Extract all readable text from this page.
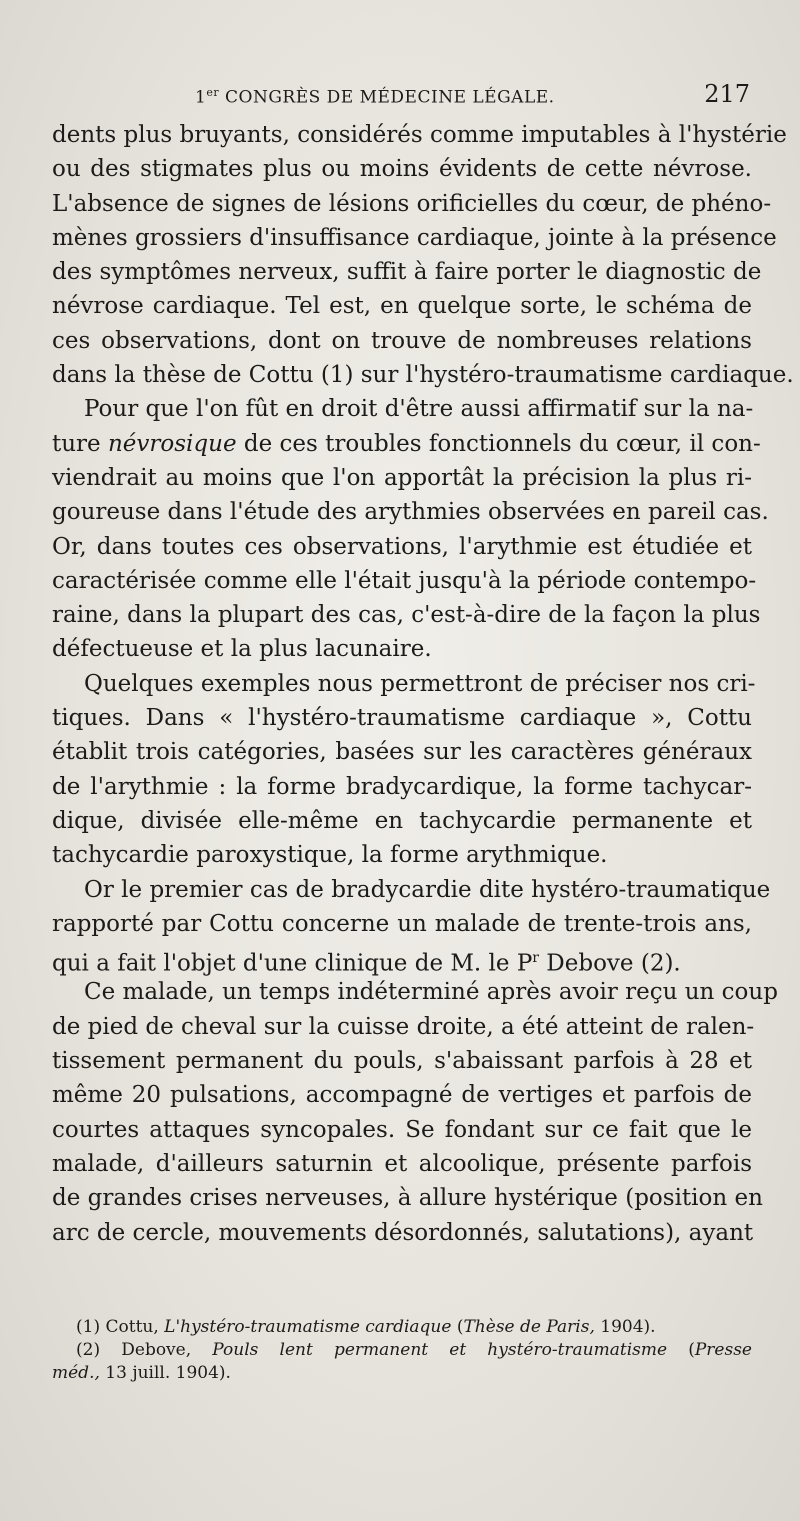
1er CONGRÈS DE MÉDECINE LÉGALE.	217
dents plus bruyants, considérés comme imputables à l'hystérie
ou des stigmates plus ou moins évidents de cette névrose.
L'absence de signes de lésions orificielles du cœur, de phéno-
mènes grossiers d'insuffisance cardiaque, jointe à la présence
des symptômes nerveux, suffit à faire porter le diagnostic de
névrose cardiaque. Tel est, en quelque sorte, le schéma de
ces observations, dont on trouve de nombreuses relations
dans la thèse de Cottu (1) sur l'hystéro-traumatisme cardiaque.
Pour que l'on fût en droit d'être aussi affirmatif sur la na-
ture névrosique de ces troubles fonctionnels du cœur, il con-
viendrait au moins que l'on apportât la précision la plus ri-
goureuse dans l'étude des arythmies observées en pareil cas.
Or, dans toutes ces observations, l'arythmie est étudiée et
caractérisée comme elle l'était jusqu'à la période contempo-
raine, dans la plupart des cas, c'est-à-dire de la façon la plus
défectueuse et la plus lacunaire.
Quelques exemples nous permettront de préciser nos cri-
tiques. Dans « l'hystéro-traumatisme cardiaque », Cottu
établit trois catégories, basées sur les caractères généraux
de l'arythmie : la forme bradycardique, la forme tachycar-
dique, divisée elle-même en tachycardie permanente et
tachycardie paroxystique, la forme arythmique.
Or le premier cas de bradycardie dite hystéro-traumatique
rapporté par Cottu concerne un malade de trente-trois ans,
qui a fait l'objet d'une clinique de M. le $P^r$ Debove (2).
Ce malade, un temps indéterminé après avoir reçu un coup
de pied de cheval sur la cuisse droite, a été atteint de ralen-
tissement permanent du pouls, s'abaissant parfois à 28 et
même 20 pulsations, accompagné de vertiges et parfois de
courtes attaques syncopales. Se fondant sur ce fait que le
malade, d'ailleurs saturnin et alcoolique, présente parfois
de grandes crises nerveuses, à allure hystérique (position en
arc de cercle, mouvements désordonnés, salutations), ayant
(1) Cottu, L'hystéro-traumatisme cardiaque (Thèse de Paris, 1904).
(2) Debove, Pouls lent permanent et hystéro-traumatisme (Presse
méd., 13 juill. 1904).
